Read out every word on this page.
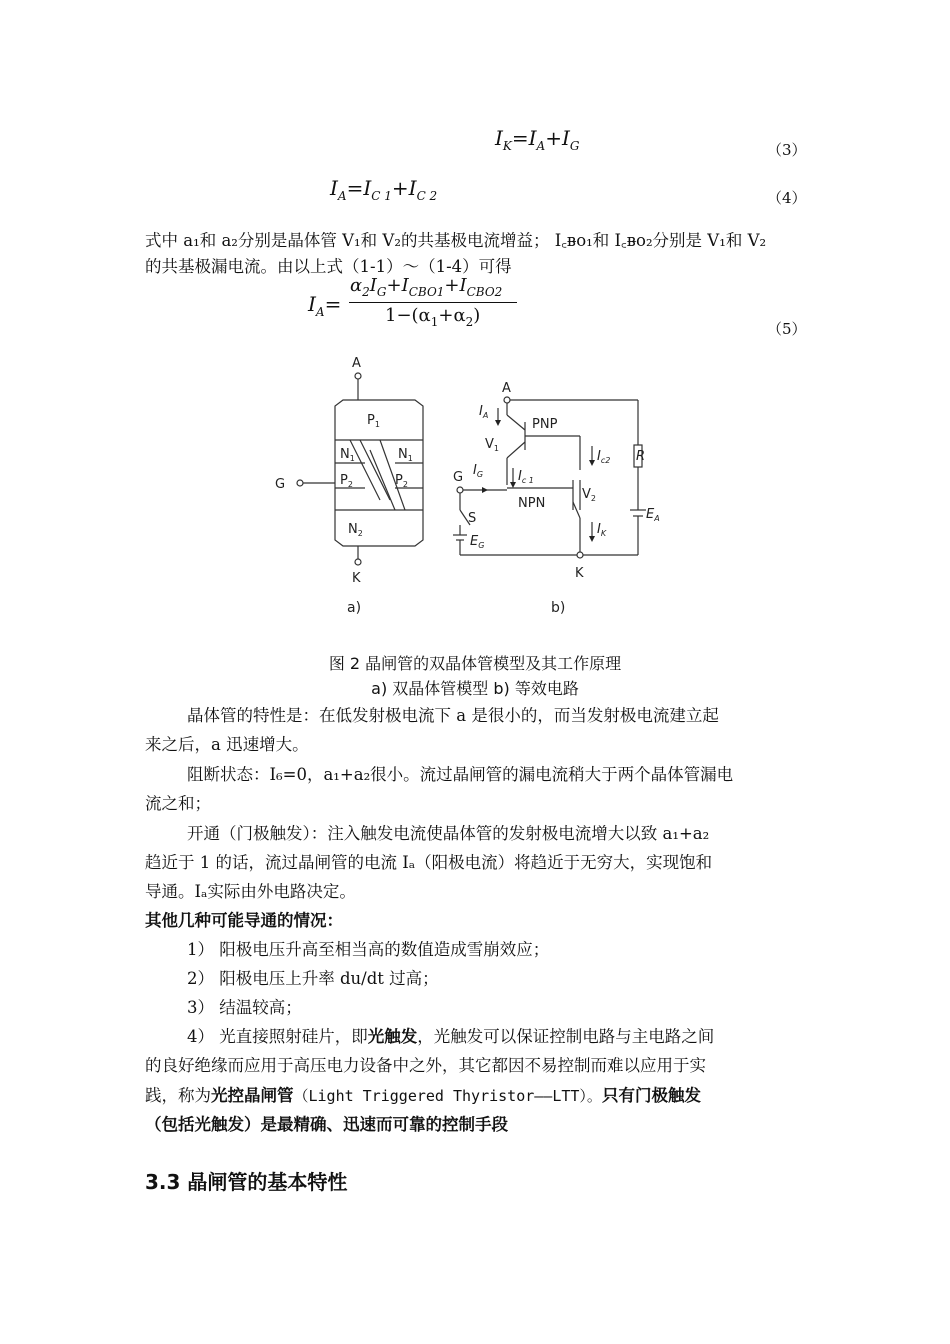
$I_K=I_A+I_G$	（3）
$I_A=I_{C 1}+I_{C 2}$	（4）
式中 a₁和 a₂分别是晶体管 V₁和 V₂的共基极电流增益； I꜀ᴃᴏ₁和 I꜀ᴃᴏ₂分别是 V₁和 V₂
的共基极漏电流。由以上式（1-1）～（1-4）可得
$I_A=$
$\alpha_2I_G+I_{CBO1}+I_{CBO2}$
$1-(\alpha_1+\alpha_2)$
（5）
A
G
K
$P_1$
$N_1$	$N_1$
$P_2$	$P_2$
$N_2$
a)
A
$I_A$
PNP
$V_1$
$I_{c2}$ R
$I_{c 1}$
G $I_G$
NPN
$V_2$
$E_A$
S
$I_K$
$E_G$
K
b)
图 2 晶闸管的双晶体管模型及其工作原理
a) 双晶体管模型 b) 等效电路
晶体管的特性是：在低发射极电流下 a 是很小的，而当发射极电流建立起
来之后，a 迅速增大。
阻断状态：I₆=0，a₁+a₂很小。流过晶闸管的漏电流稍大于两个晶体管漏电
流之和；
开通（门极触发）：注入触发电流使晶体管的发射极电流增大以致 a₁+a₂
趋近于 1 的话，流过晶闸管的电流 Iₐ（阳极电流）将趋近于无穷大，实现饱和
导通。Iₐ实际由外电路决定。
其他几种可能导通的情况：
1） 阳极电压升高至相当高的数值造成雪崩效应；
2） 阳极电压上升率 du/dt 过高；
3） 结温较高；
4） 光直接照射硅片，即光触发，光触发可以保证控制电路与主电路之间
的良好绝缘而应用于高压电力设备中之外，其它都因不易控制而难以应用于实
践，称为光控晶闸管（Light Triggered Thyristor——LTT）。只有门极触发
（包括光触发）是最精确、迅速而可靠的控制手段
3.3 晶闸管的基本特性
